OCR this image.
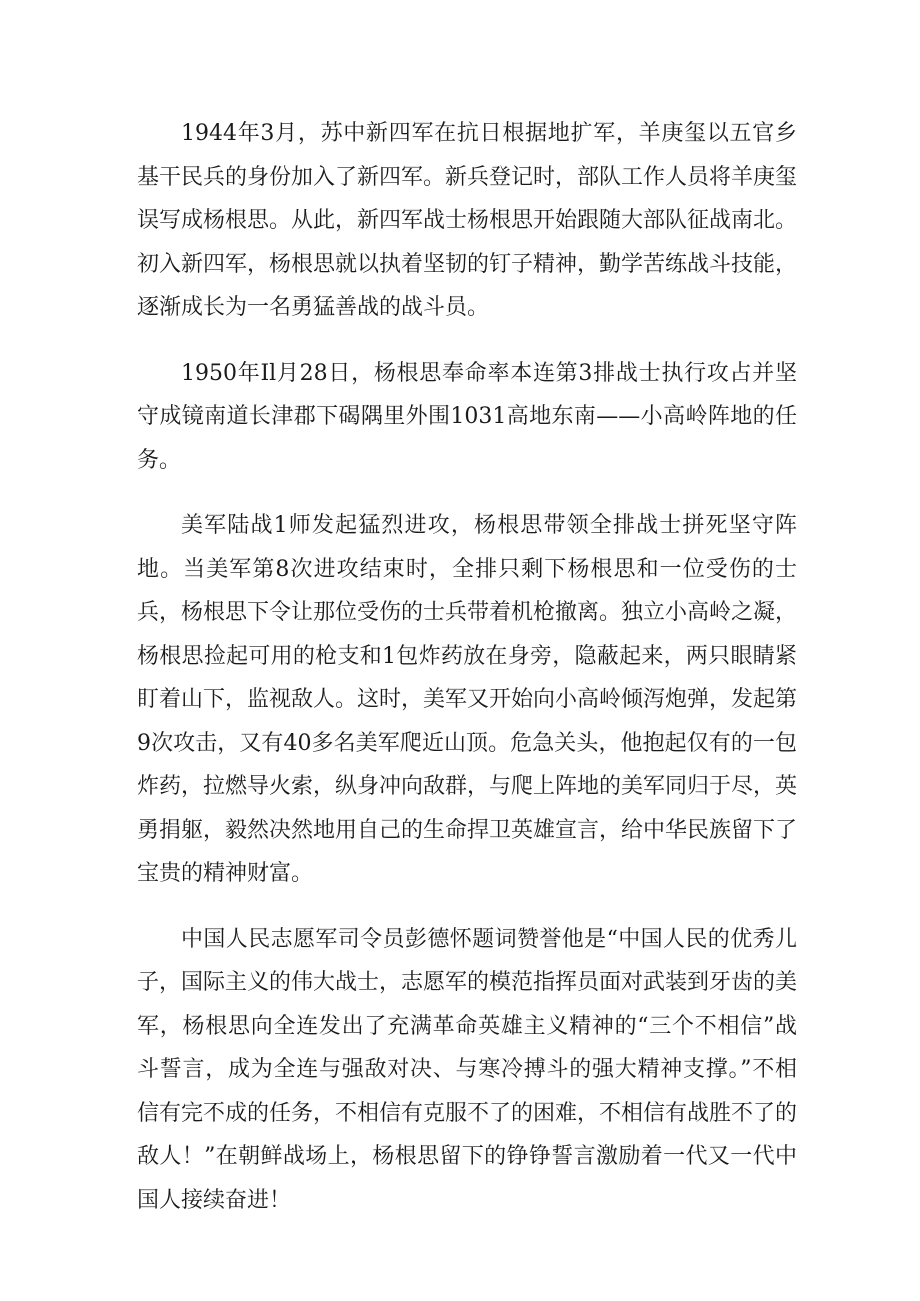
1944年3月，苏中新四军在抗日根据地扩军，羊庚玺以五官乡基干民兵的身份加入了新四军。新兵登记时，部队工作人员将羊庚玺误写成杨根思。从此，新四军战士杨根思开始跟随大部队征战南北。初入新四军，杨根思就以执着坚韧的钉子精神，勤学苦练战斗技能，逐渐成长为一名勇猛善战的战斗员。

1950年Il月28日，杨根思奉命率本连第3排战士执行攻占并坚守成镜南道长津郡下碣隅里外围1031高地东南——小高岭阵地的任务。

美军陆战1师发起猛烈进攻，杨根思带领全排战士拼死坚守阵地。当美军第8次进攻结束时，全排只剩下杨根思和一位受伤的士兵，杨根思下令让那位受伤的士兵带着机枪撤离。独立小高岭之凝，杨根思捡起可用的枪支和1包炸药放在身旁，隐蔽起来，两只眼睛紧盯着山下，监视敌人。这时，美军又开始向小高岭倾泻炮弹，发起第9次攻击，又有40多名美军爬近山顶。危急关头，他抱起仅有的一包炸药，拉燃导火索，纵身冲向敌群，与爬上阵地的美军同归于尽，英勇捐躯，毅然决然地用自己的生命捍卫英雄宣言，给中华民族留下了宝贵的精神财富。

中国人民志愿军司令员彭德怀题词赞誉他是“中国人民的优秀儿子，国际主义的伟大战士，志愿军的模范指挥员面对武装到牙齿的美军，杨根思向全连发出了充满革命英雄主义精神的“三个不相信”战斗誓言，成为全连与强敌对决、与寒冷搏斗的强大精神支撑。”不相信有完不成的任务，不相信有克服不了的困难，不相信有战胜不了的敌人！”在朝鲜战场上，杨根思留下的铮铮誓言激励着一代又一代中国人接续奋进！
